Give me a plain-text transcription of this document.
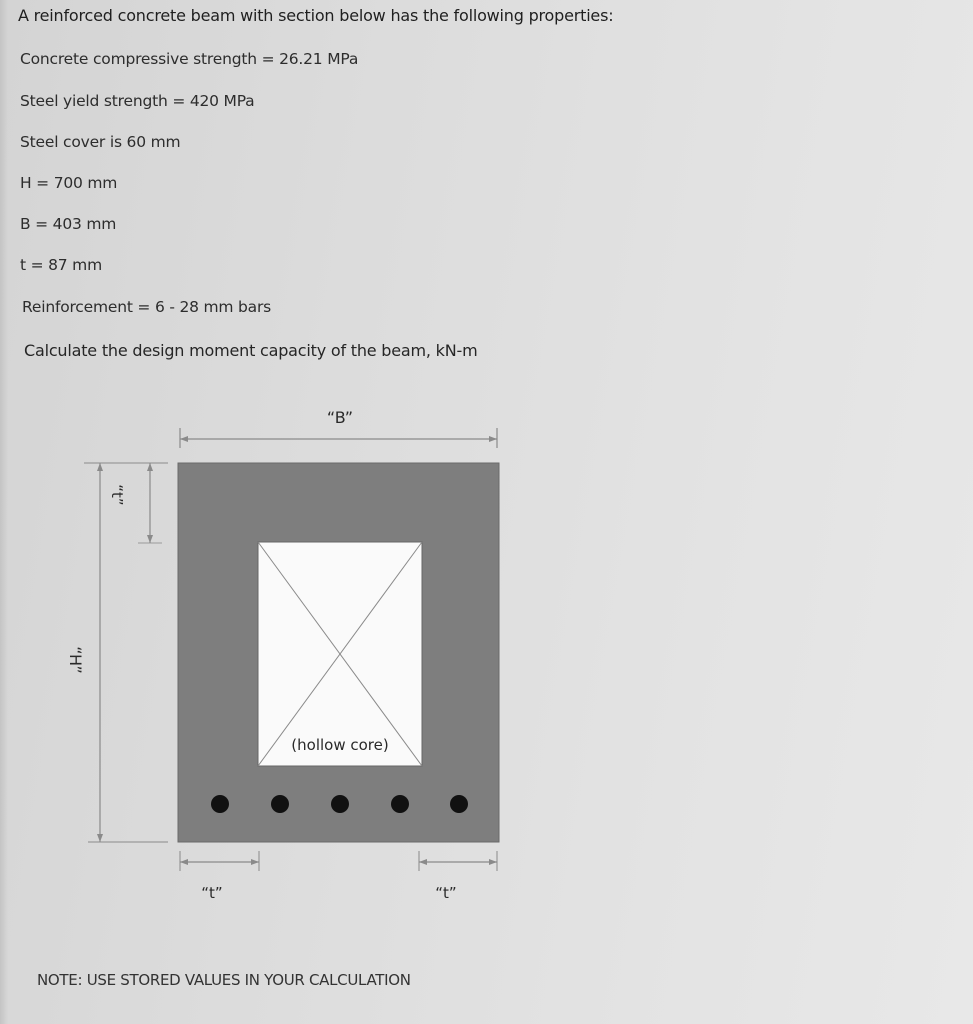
A reinforced concrete beam with section below has the following properties:
Concrete compressive strength = 26.21 MPa
Steel yield strength = 420 MPa
Steel cover is 60 mm
H = 700 mm
B = 403 mm
t = 87 mm
Reinforcement = 6 - 28 mm bars
Calculate the design moment capacity of the beam, kN-m
“B”
“H”
“t”
(hollow core)
“t”	“t”
NOTE: USE STORED VALUES IN YOUR CALCULATION
